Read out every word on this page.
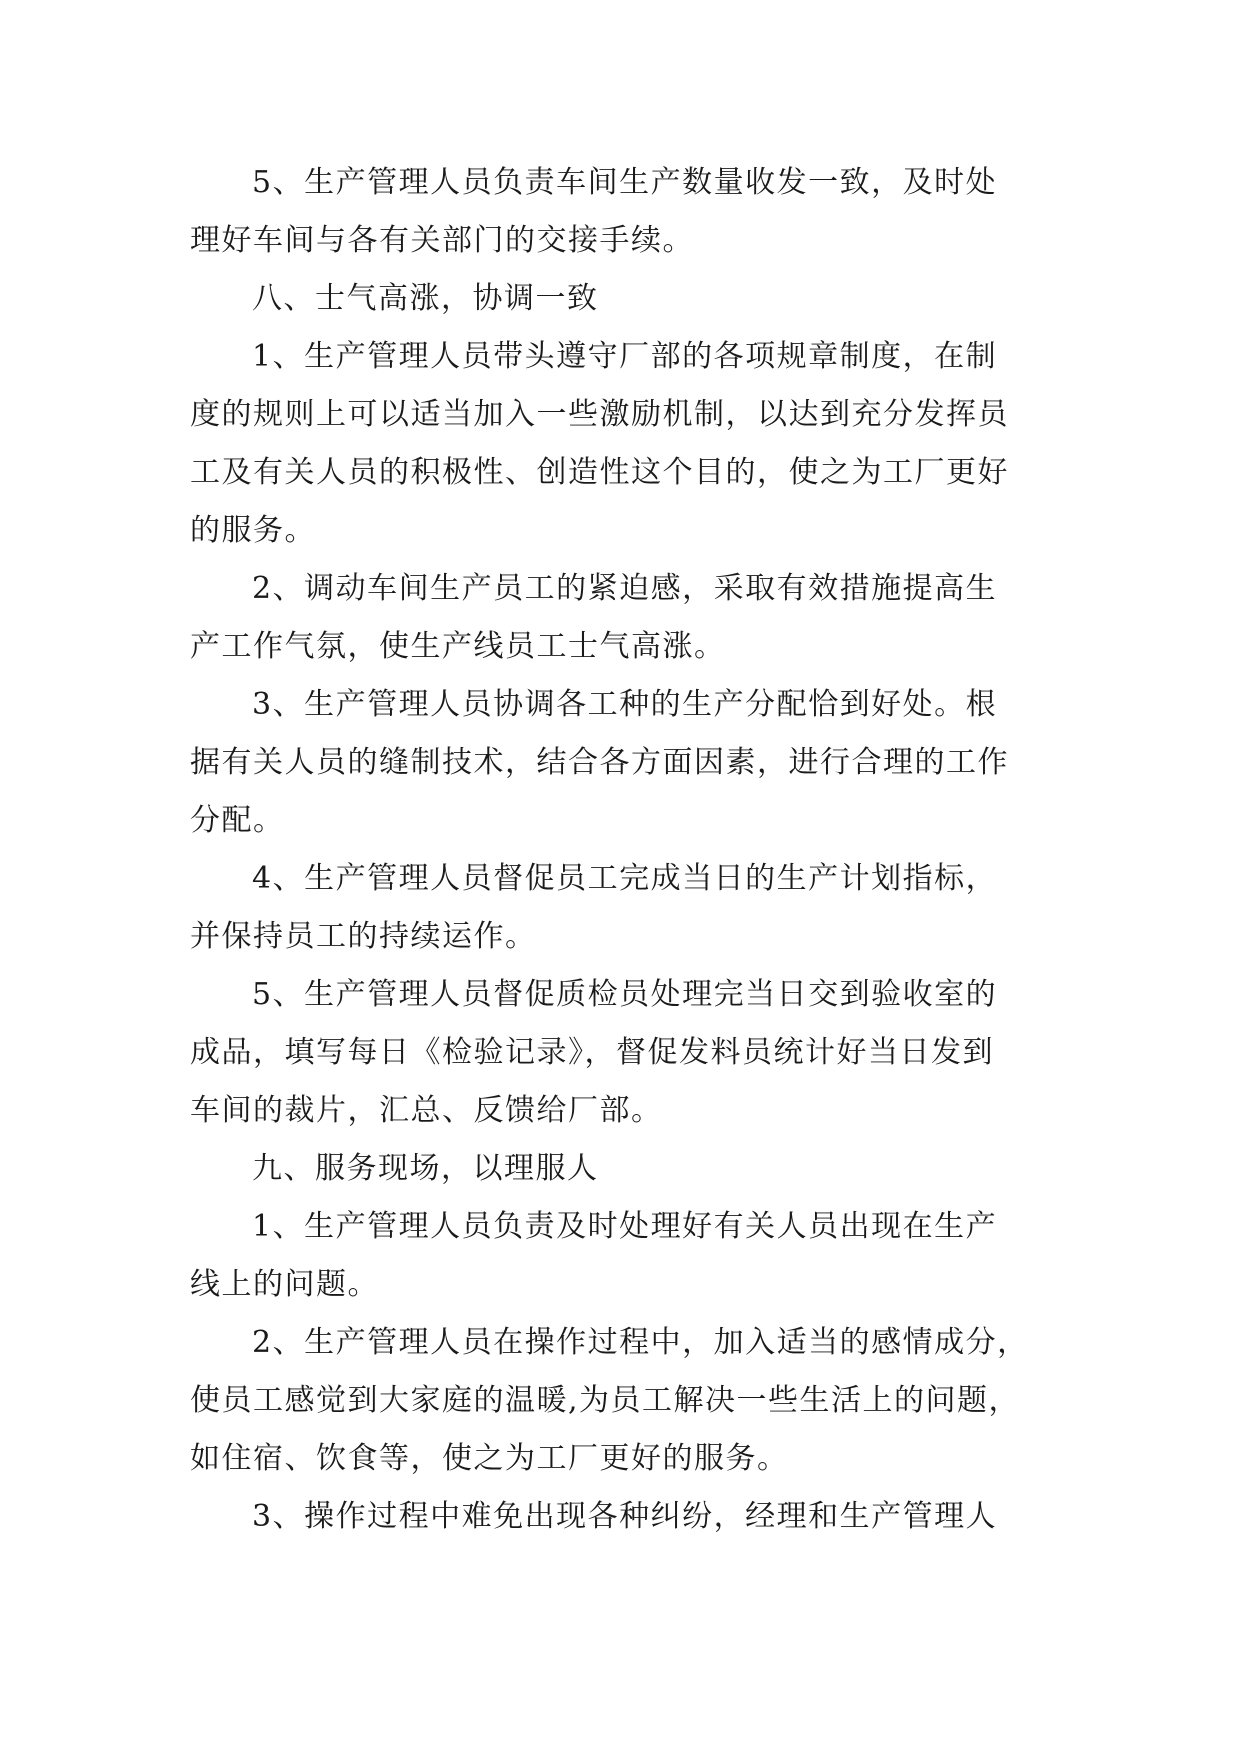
5、生产管理人员负责车间生产数量收发一致，及时处
理好车间与各有关部门的交接手续。
八、士气高涨，协调一致
1、生产管理人员带头遵守厂部的各项规章制度，在制
度的规则上可以适当加入一些激励机制，以达到充分发挥员
工及有关人员的积极性、创造性这个目的，使之为工厂更好
的服务。
2、调动车间生产员工的紧迫感，采取有效措施提高生
产工作气氛，使生产线员工士气高涨。
3、生产管理人员协调各工种的生产分配恰到好处。根
据有关人员的缝制技术，结合各方面因素，进行合理的工作
分配。
4、生产管理人员督促员工完成当日的生产计划指标，
并保持员工的持续运作。
5、生产管理人员督促质检员处理完当日交到验收室的
成品，填写每日《检验记录》，督促发料员统计好当日发到
车间的裁片，汇总、反馈给厂部。
九、服务现场，以理服人
1、生产管理人员负责及时处理好有关人员出现在生产
线上的问题。
2、生产管理人员在操作过程中，加入适当的感情成分，
使员工感觉到大家庭的温暖,为员工解决一些生活上的问题，
如住宿、饮食等，使之为工厂更好的服务。
3、操作过程中难免出现各种纠纷，经理和生产管理人
